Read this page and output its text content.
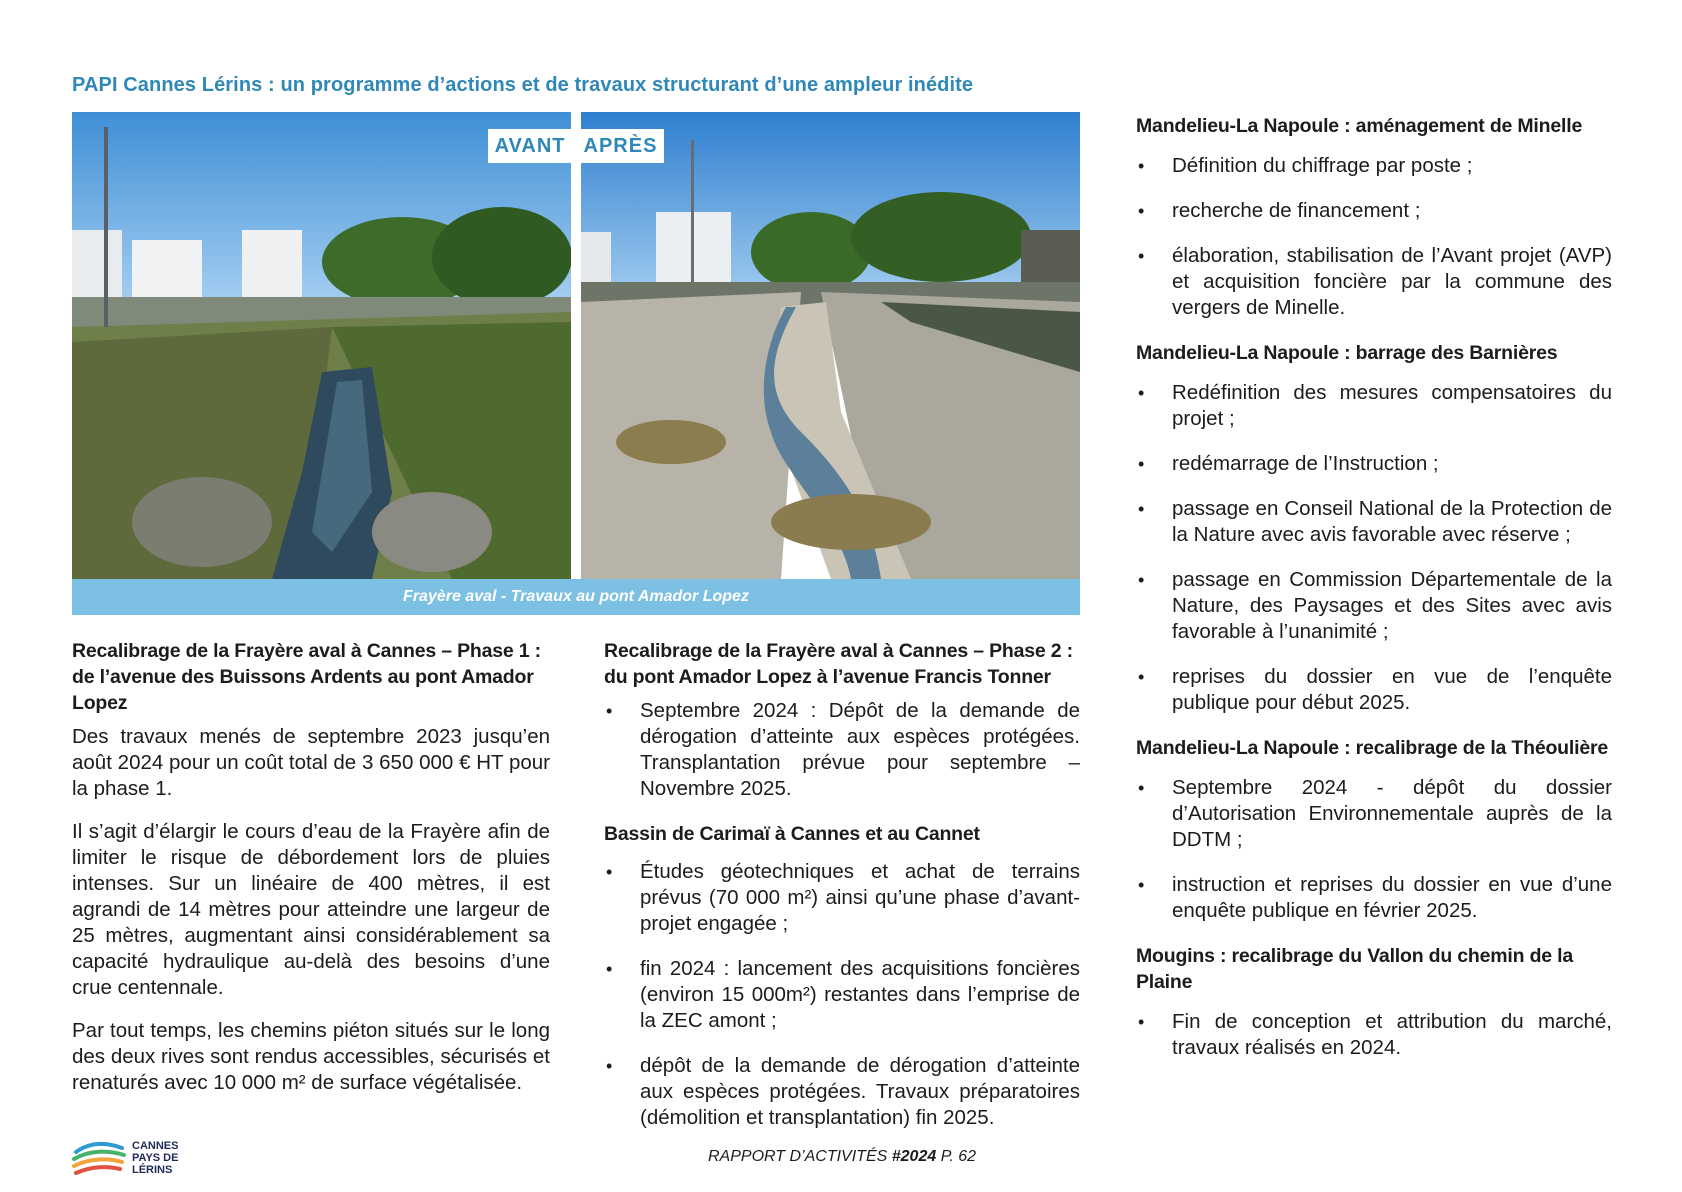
PAPI Cannes Lérins : un programme d’actions et de travaux structurant d’une ampleur inédite
AVANT APRÈS
Frayère aval - Travaux au pont Amador Lopez
Recalibrage de la Frayère aval à Cannes – Phase 1 : de l’avenue des Buissons Ardents au pont Amador Lopez

Des travaux menés de septembre 2023 jusqu’en août 2024 pour un coût total de 3 650 000 € HT pour la phase 1.

Il s’agit d’élargir le cours d’eau de la Frayère afin de limiter le risque de débordement lors de pluies intenses. Sur un linéaire de 400 mètres, il est agrandi de 14 mètres pour atteindre une largeur de 25 mètres, augmentant ainsi considérablement sa capacité hydraulique au-delà des besoins d’une crue centennale.

Par tout temps, les chemins piéton situés sur le long des deux rives sont rendus accessibles, sécurisés et renaturés avec 10 000 m² de surface végétalisée.

Recalibrage de la Frayère aval à Cannes – Phase 2 : du pont Amador Lopez à l’avenue Francis Tonner
• Septembre 2024 : Dépôt de la demande de dérogation d’atteinte aux espèces protégées. Transplantation prévue pour septembre – Novembre 2025.
Bassin de Carimaï à Cannes et au Cannet
• Études géotechniques et achat de terrains prévus (70 000 m²) ainsi qu’une phase d’avant-projet engagée ;
• fin 2024 : lancement des acquisitions foncières (environ 15 000m²) restantes dans l’emprise de la ZEC amont ;
• dépôt de la demande de dérogation d’atteinte aux espèces protégées. Travaux préparatoires (démolition et transplantation) fin 2025.
Mandelieu-La Napoule : aménagement de Minelle
• Définition du chiffrage par poste ;
• recherche de financement ;
• élaboration, stabilisation de l’Avant projet (AVP) et acquisition foncière par la commune des vergers de Minelle.
Mandelieu-La Napoule : barrage des Barnières
• Redéfinition des mesures compensatoires du projet ;
• redémarrage de l’Instruction ;
• passage en Conseil National de la Protection de la Nature avec avis favorable avec réserve ;
• passage en Commission Départementale de la Nature, des Paysages et des Sites avec avis favorable à l’unanimité ;
• reprises du dossier en vue de l’enquête publique pour début 2025.
Mandelieu-La Napoule : recalibrage de la Théoulière
• Septembre 2024 - dépôt du dossier d’Autorisation Environnementale auprès de la DDTM ;
• instruction et reprises du dossier en vue d’une enquête publique en février 2025.
Mougins : recalibrage du Vallon du chemin de la Plaine
• Fin de conception et attribution du marché, travaux réalisés en 2024.
CANNES
PAYS DE
LÉRINS
RAPPORT D’ACTIVITÉS #2024 P. 62
